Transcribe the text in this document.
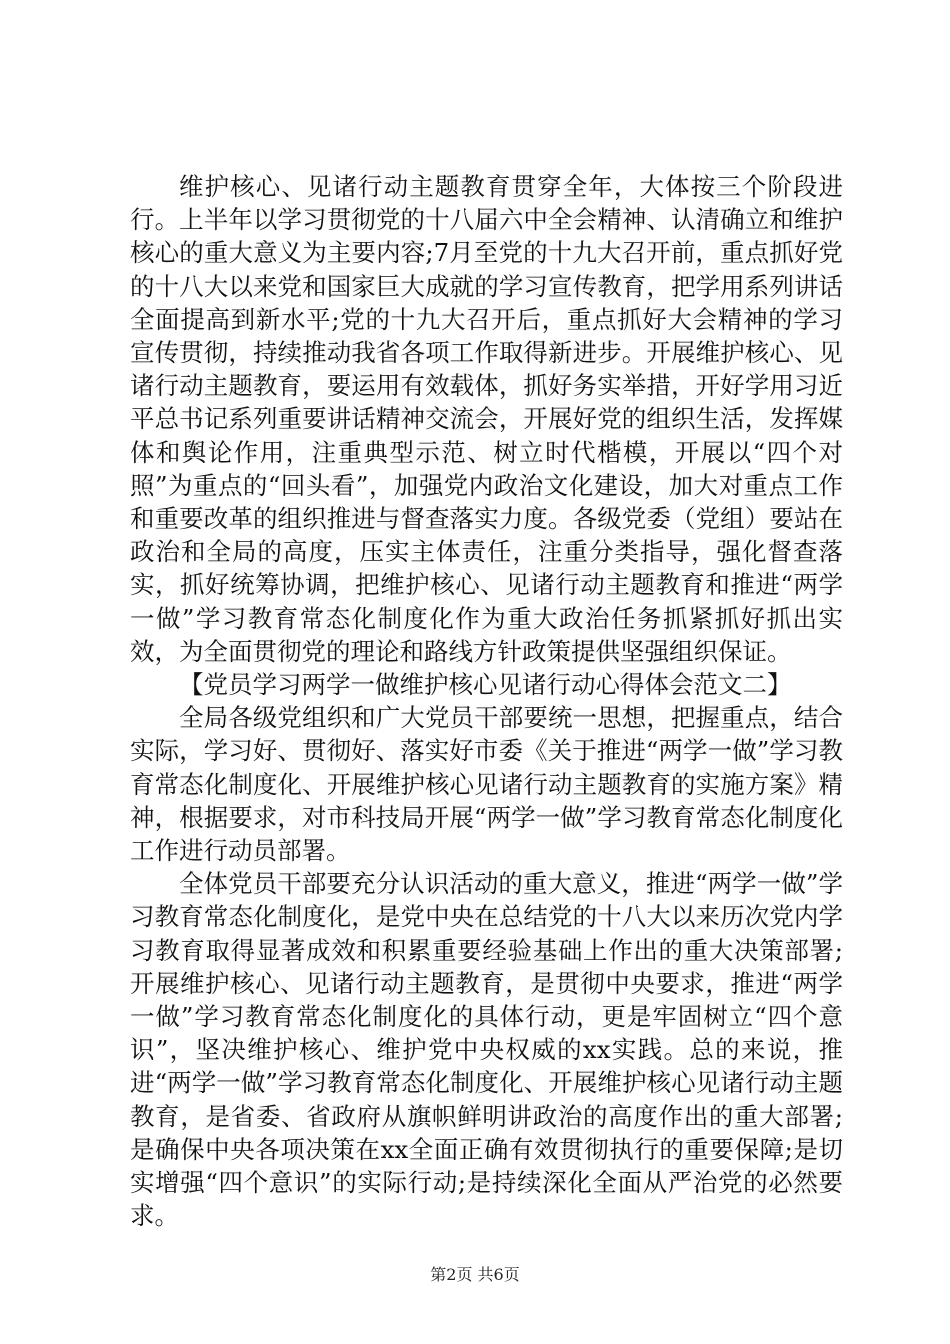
维护核心、见诸行动主题教育贯穿全年，大体按三个阶段进行。上半年以学习贯彻党的十八届六中全会精神、认清确立和维护核心的重大意义为主要内容;7月至党的十九大召开前，重点抓好党的十八大以来党和国家巨大成就的学习宣传教育，把学用系列讲话全面提高到新水平;党的十九大召开后，重点抓好大会精神的学习宣传贯彻，持续推动我省各项工作取得新进步。开展维护核心、见诸行动主题教育，要运用有效载体，抓好务实举措，开好学用习近平总书记系列重要讲话精神交流会，开展好党的组织生活，发挥媒体和舆论作用，注重典型示范、树立时代楷模，开展以“四个对照”为重点的“回头看”，加强党内政治文化建设，加大对重点工作和重要改革的组织推进与督查落实力度。各级党委（党组）要站在政治和全局的高度，压实主体责任，注重分类指导，强化督查落实，抓好统筹协调，把维护核心、见诸行动主题教育和推进“两学一做”学习教育常态化制度化作为重大政治任务抓紧抓好抓出实效，为全面贯彻党的理论和路线方针政策提供坚强组织保证。

【党员学习两学一做维护核心见诸行动心得体会范文二】

全局各级党组织和广大党员干部要统一思想，把握重点，结合实际，学习好、贯彻好、落实好市委《关于推进“两学一做”学习教育常态化制度化、开展维护核心见诸行动主题教育的实施方案》精神，根据要求，对市科技局开展“两学一做”学习教育常态化制度化工作进行动员部署。

全体党员干部要充分认识活动的重大意义，推进“两学一做”学习教育常态化制度化，是党中央在总结党的十八大以来历次党内学习教育取得显著成效和积累重要经验基础上作出的重大决策部署;开展维护核心、见诸行动主题教育，是贯彻中央要求，推进“两学一做”学习教育常态化制度化的具体行动，更是牢固树立“四个意识”，坚决维护核心、维护党中央权威的xx实践。总的来说，推进“两学一做”学习教育常态化制度化、开展维护核心见诸行动主题教育，是省委、省政府从旗帜鲜明讲政治的高度作出的重大部署;是确保中央各项决策在xx全面正确有效贯彻执行的重要保障;是切实增强“四个意识”的实际行动;是持续深化全面从严治党的必然要求。

第2页 共6页
